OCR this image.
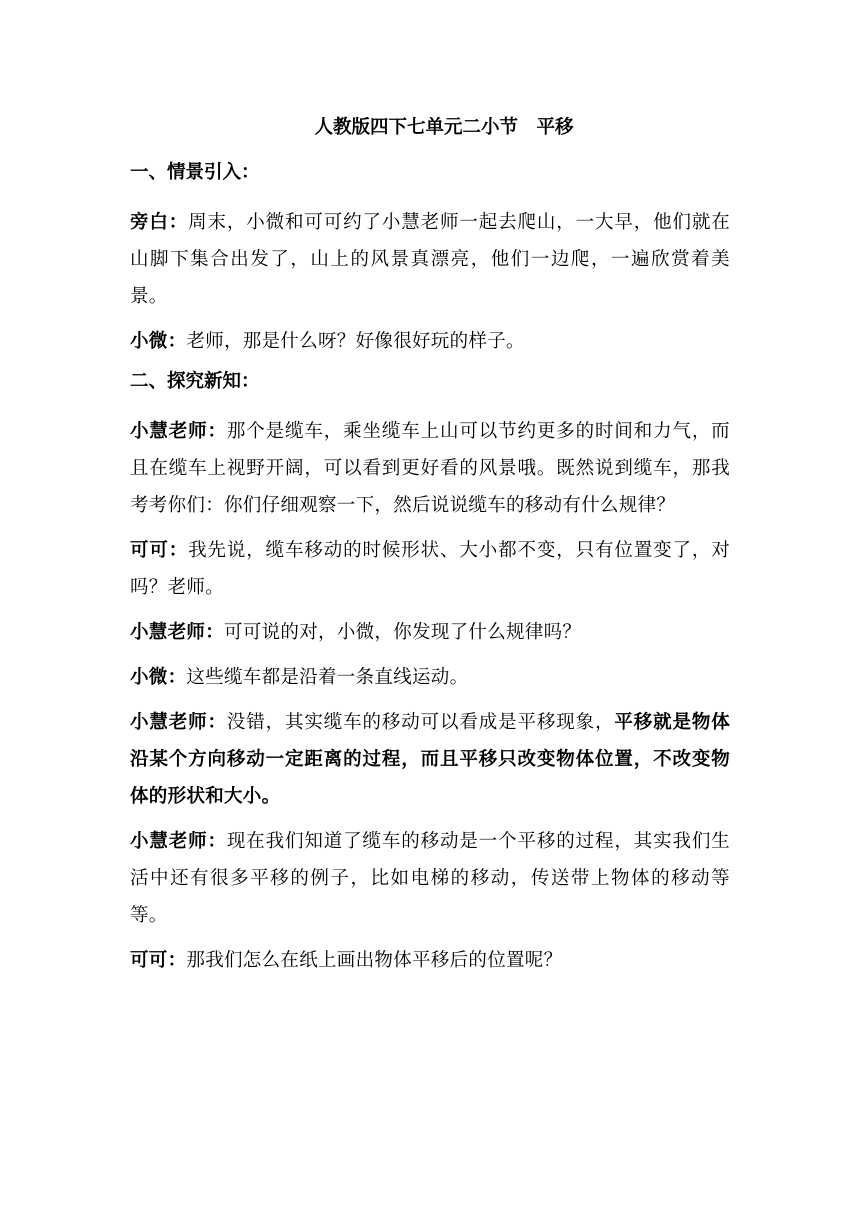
人教版四下七单元二小节　平移
一、情景引入：

旁白：周末，小微和可可约了小慧老师一起去爬山，一大早，他们就在山脚下集合出发了，山上的风景真漂亮，他们一边爬，一遍欣赏着美景。

小微：老师，那是什么呀？好像很好玩的样子。

二、探究新知：

小慧老师：那个是缆车，乘坐缆车上山可以节约更多的时间和力气，而且在缆车上视野开阔，可以看到更好看的风景哦。既然说到缆车，那我考考你们：你们仔细观察一下，然后说说缆车的移动有什么规律？

可可：我先说，缆车移动的时候形状、大小都不变，只有位置变了，对吗？老师。

小慧老师：可可说的对，小微，你发现了什么规律吗？

小微：这些缆车都是沿着一条直线运动。

小慧老师：没错，其实缆车的移动可以看成是平移现象，平移就是物体沿某个方向移动一定距离的过程，而且平移只改变物体位置，不改变物体的形状和大小。

小慧老师：现在我们知道了缆车的移动是一个平移的过程，其实我们生活中还有很多平移的例子，比如电梯的移动，传送带上物体的移动等等。

可可：那我们怎么在纸上画出物体平移后的位置呢？
